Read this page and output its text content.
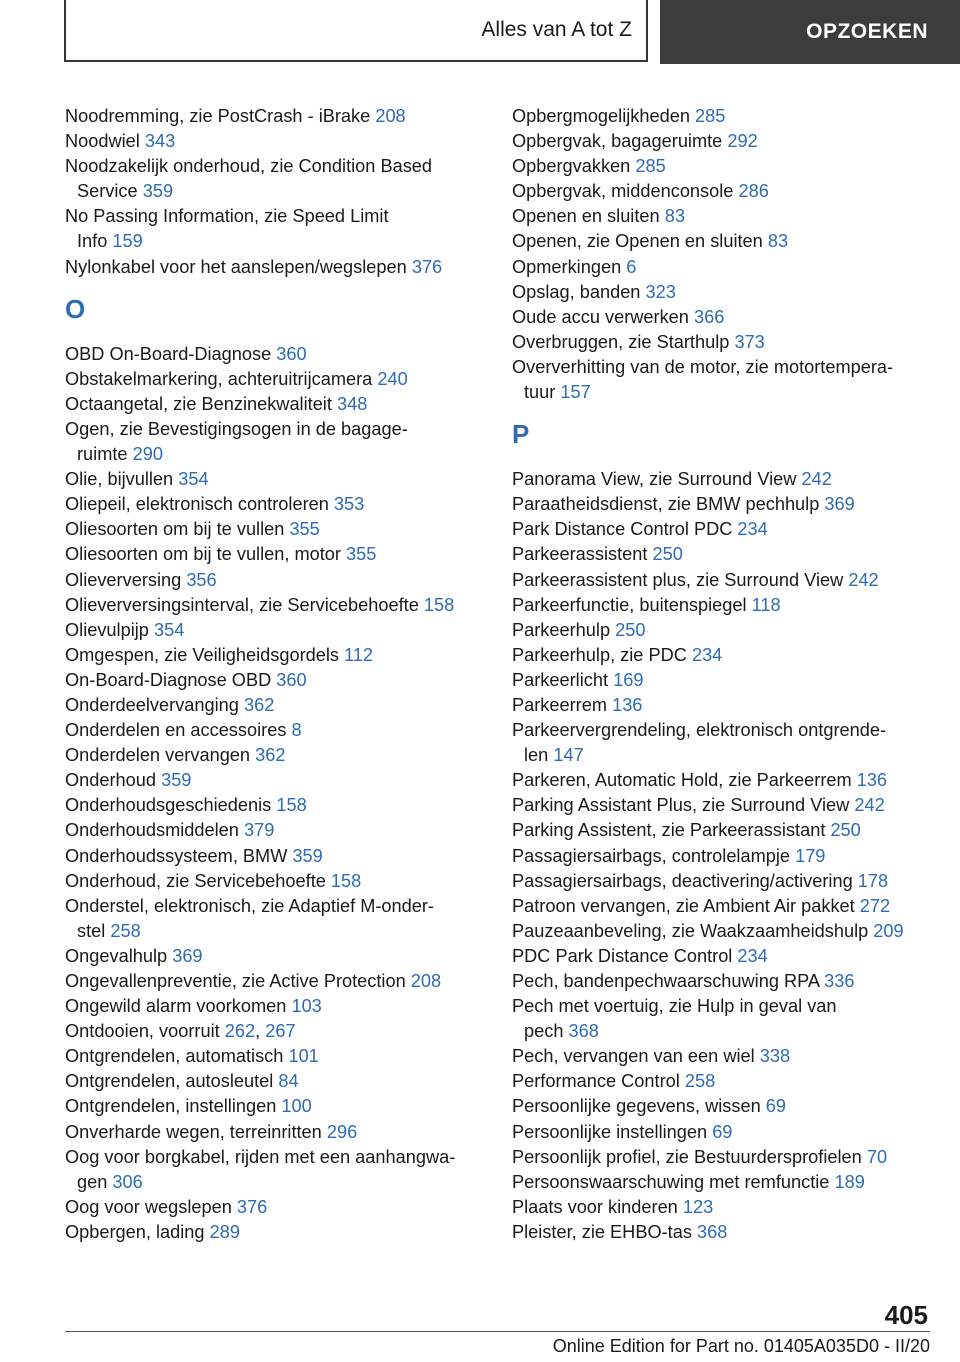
Alles van A tot Z	OPZOEKEN
Noodremming, zie PostCrash - iBrake 208
Noodwiel 343
Noodzakelijk onderhoud, zie Condition Based
Service 359
No Passing Information, zie Speed Limit
Info 159
Nylonkabel voor het aanslepen/wegslepen 376
O
OBD On-Board-Diagnose 360
Obstakelmarkering, achteruitrijcamera 240
Octaangetal, zie Benzinekwaliteit 348
Ogen, zie Bevestigingsogen in de bagage-
ruimte 290
Olie, bijvullen 354
Oliepeil, elektronisch controleren 353
Oliesoorten om bij te vullen 355
Oliesoorten om bij te vullen, motor 355
Olieverversing 356
Olieverversingsinterval, zie Servicebehoefte 158
Olievulpijp 354
Omgespen, zie Veiligheidsgordels 112
On-Board-Diagnose OBD 360
Onderdeelvervanging 362
Onderdelen en accessoires 8
Onderdelen vervangen 362
Onderhoud 359
Onderhoudsgeschiedenis 158
Onderhoudsmiddelen 379
Onderhoudssysteem, BMW 359
Onderhoud, zie Servicebehoefte 158
Onderstel, elektronisch, zie Adaptief M-onder-
stel 258
Ongevalhulp 369
Ongevallenpreventie, zie Active Protection 208
Ongewild alarm voorkomen 103
Ontdooien, voorruit 262, 267
Ontgrendelen, automatisch 101
Ontgrendelen, autosleutel 84
Ontgrendelen, instellingen 100
Onverharde wegen, terreinritten 296
Oog voor borgkabel, rijden met een aanhangwa-
gen 306
Oog voor wegslepen 376
Opbergen, lading 289
Opbergmogelijkheden 285
Opbergvak, bagageruimte 292
Opbergvakken 285
Opbergvak, middenconsole 286
Openen en sluiten 83
Openen, zie Openen en sluiten 83
Opmerkingen 6
Opslag, banden 323
Oude accu verwerken 366
Overbruggen, zie Starthulp 373
Oververhitting van de motor, zie motortempera-
tuur 157
P
Panorama View, zie Surround View 242
Paraatheidsdienst, zie BMW pechhulp 369
Park Distance Control PDC 234
Parkeerassistent 250
Parkeerassistent plus, zie Surround View 242
Parkeerfunctie, buitenspiegel 118
Parkeerhulp 250
Parkeerhulp, zie PDC 234
Parkeerlicht 169
Parkeerrem 136
Parkeervergrendeling, elektronisch ontgrende-
len 147
Parkeren, Automatic Hold, zie Parkeerrem 136
Parking Assistant Plus, zie Surround View 242
Parking Assistent, zie Parkeerassistant 250
Passagiersairbags, controlelampje 179
Passagiersairbags, deactivering/activering 178
Patroon vervangen, zie Ambient Air pakket 272
Pauzeaanbeveling, zie Waakzaamheidshulp 209
PDC Park Distance Control 234
Pech, bandenpechwaarschuwing RPA 336
Pech met voertuig, zie Hulp in geval van
pech 368
Pech, vervangen van een wiel 338
Performance Control 258
Persoonlijke gegevens, wissen 69
Persoonlijke instellingen 69
Persoonlijk profiel, zie Bestuurdersprofielen 70
Persoonswaarschuwing met remfunctie 189
Plaats voor kinderen 123
Pleister, zie EHBO-tas 368
405
Online Edition for Part no. 01405A035D0 - II/20
